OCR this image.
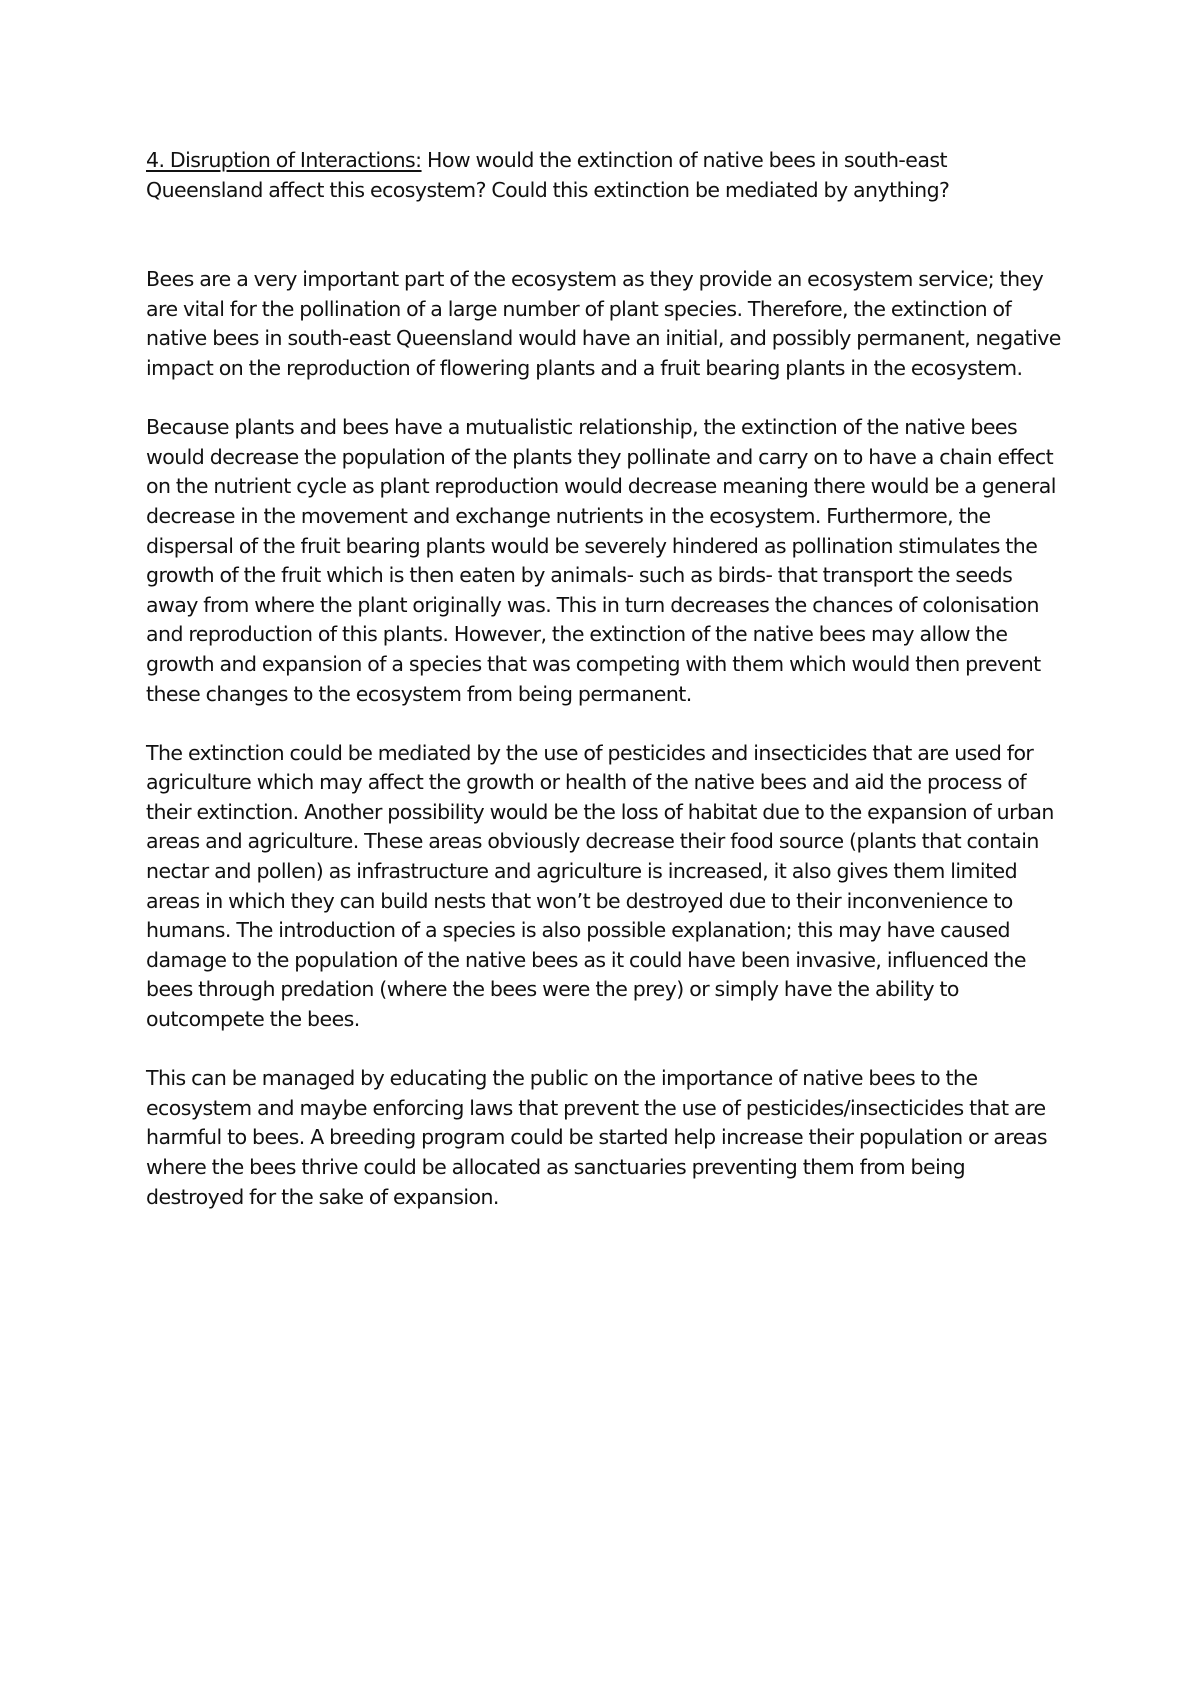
4. Disruption of Interactions: How would the extinction of native bees in south-east Queensland affect this ecosystem? Could this extinction be mediated by anything?

Bees are a very important part of the ecosystem as they provide an ecosystem service; they are vital for the pollination of a large number of plant species. Therefore, the extinction of native bees in south-east Queensland would have an initial, and possibly permanent, negative impact on the reproduction of flowering plants and a fruit bearing plants in the ecosystem.

Because plants and bees have a mutualistic relationship, the extinction of the native bees would decrease the population of the plants they pollinate and carry on to have a chain effect on the nutrient cycle as plant reproduction would decrease meaning there would be a general decrease in the movement and exchange nutrients in the ecosystem. Furthermore, the dispersal of the fruit bearing plants would be severely hindered as pollination stimulates the growth of the fruit which is then eaten by animals- such as birds- that transport the seeds away from where the plant originally was. This in turn decreases the chances of colonisation and reproduction of this plants. However, the extinction of the native bees may allow the growth and expansion of a species that was competing with them which would then prevent these changes to the ecosystem from being permanent.

The extinction could be mediated by the use of pesticides and insecticides that are used for agriculture which may affect the growth or health of the native bees and aid the process of their extinction. Another possibility would be the loss of habitat due to the expansion of urban areas and agriculture. These areas obviously decrease their food source (plants that contain nectar and pollen) as infrastructure and agriculture is increased, it also gives them limited areas in which they can build nests that won’t be destroyed due to their inconvenience to humans. The introduction of a species is also possible explanation; this may have caused damage to the population of the native bees as it could have been invasive, influenced the bees through predation (where the bees were the prey) or simply have the ability to outcompete the bees.

This can be managed by educating the public on the importance of native bees to the ecosystem and maybe enforcing laws that prevent the use of pesticides/insecticides that are harmful to bees. A breeding program could be started help increase their population or areas where the bees thrive could be allocated as sanctuaries preventing them from being destroyed for the sake of expansion.
